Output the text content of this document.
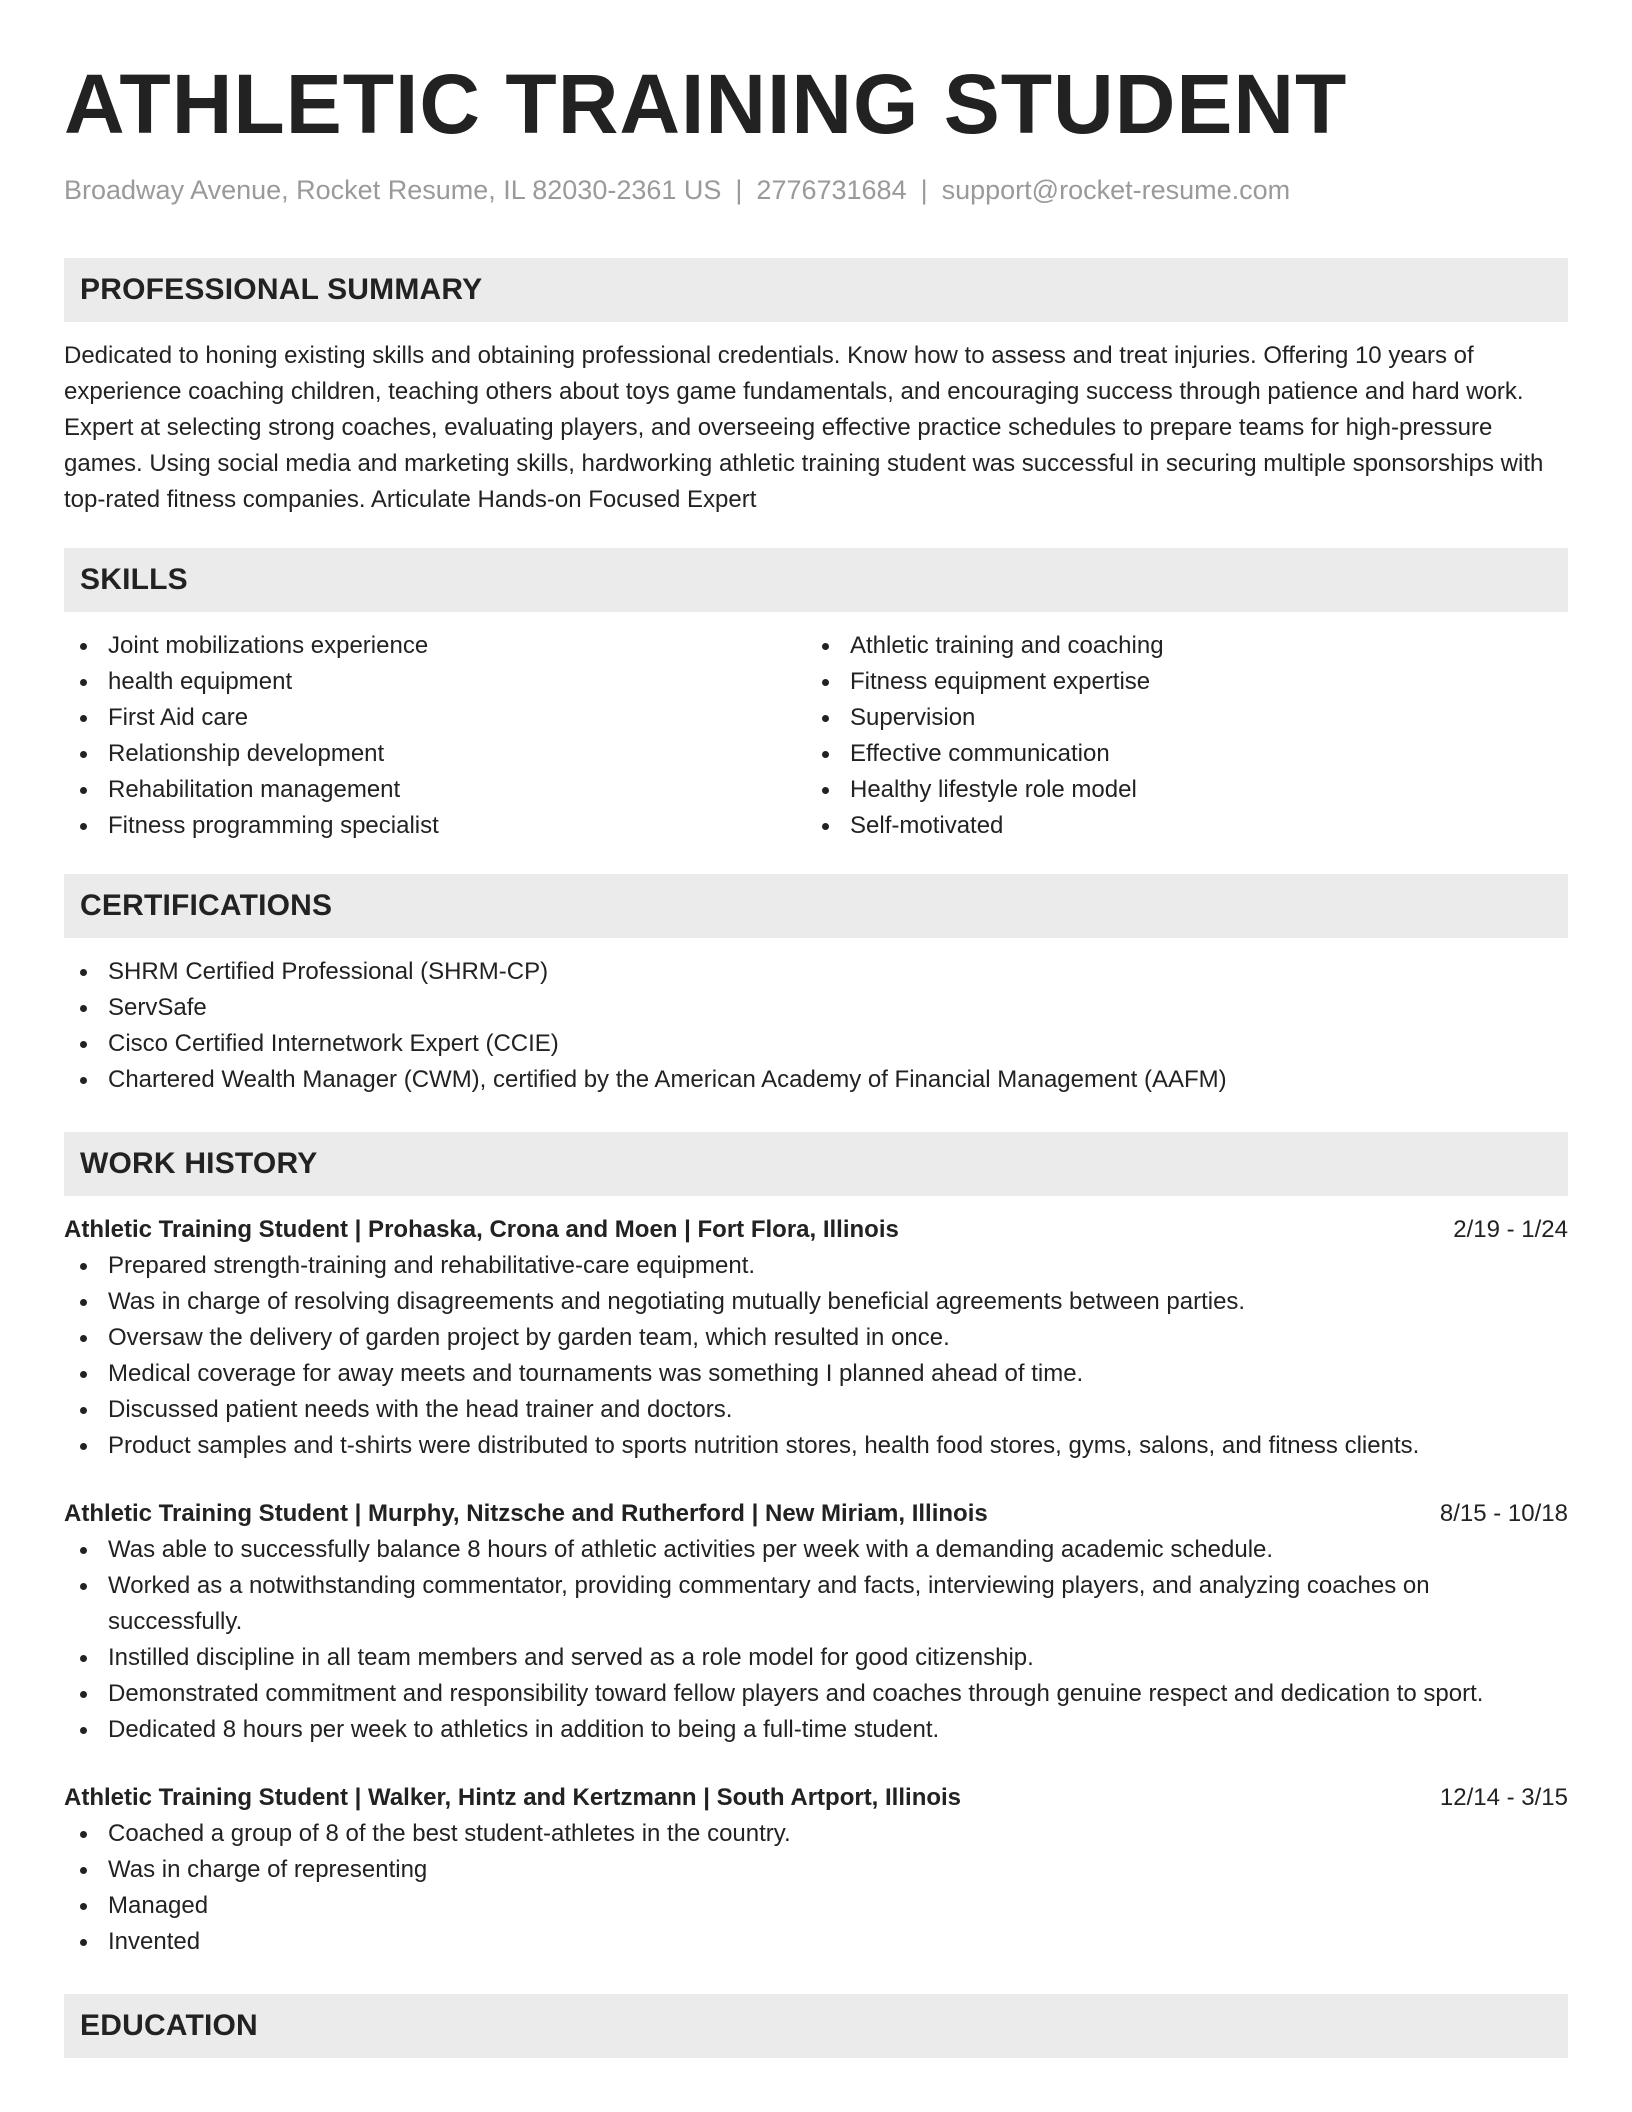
ATHLETIC TRAINING STUDENT
Broadway Avenue, Rocket Resume, IL 82030-2361 US | 2776731684 | support@rocket-resume.com
PROFESSIONAL SUMMARY

Dedicated to honing existing skills and obtaining professional credentials. Know how to assess and treat injuries. Offering 10 years of experience coaching children, teaching others about toys game fundamentals, and encouraging success through patience and hard work. Expert at selecting strong coaches, evaluating players, and overseeing effective practice schedules to prepare teams for high-pressure games. Using social media and marketing skills, hardworking athletic training student was successful in securing multiple sponsorships with top-rated fitness companies. Articulate Hands-on Focused Expert

SKILLS
Joint mobilizations experience
health equipment
First Aid care
Relationship development
Rehabilitation management
Fitness programming specialist
Athletic training and coaching
Fitness equipment expertise
Supervision
Effective communication
Healthy lifestyle role model
Self-motivated
CERTIFICATIONS
SHRM Certified Professional (SHRM-CP)
ServSafe
Cisco Certified Internetwork Expert (CCIE)
Chartered Wealth Manager (CWM), certified by the American Academy of Financial Management (AAFM)
WORK HISTORY
Athletic Training Student | Prohaska, Crona and Moen | Fort Flora, Illinois	2/19 - 1/24
Prepared strength-training and rehabilitative-care equipment.
Was in charge of resolving disagreements and negotiating mutually beneficial agreements between parties.
Oversaw the delivery of garden project by garden team, which resulted in once.
Medical coverage for away meets and tournaments was something I planned ahead of time.
Discussed patient needs with the head trainer and doctors.
Product samples and t-shirts were distributed to sports nutrition stores, health food stores, gyms, salons, and fitness clients.
Athletic Training Student | Murphy, Nitzsche and Rutherford | New Miriam, Illinois	8/15 - 10/18
Was able to successfully balance 8 hours of athletic activities per week with a demanding academic schedule.
Worked as a notwithstanding commentator, providing commentary and facts, interviewing players, and analyzing coaches on successfully.
Instilled discipline in all team members and served as a role model for good citizenship.
Demonstrated commitment and responsibility toward fellow players and coaches through genuine respect and dedication to sport.
Dedicated 8 hours per week to athletics in addition to being a full-time student.
Athletic Training Student | Walker, Hintz and Kertzmann | South Artport, Illinois	12/14 - 3/15
Coached a group of 8 of the best student-athletes in the country.
Was in charge of representing
Managed
Invented
EDUCATION
